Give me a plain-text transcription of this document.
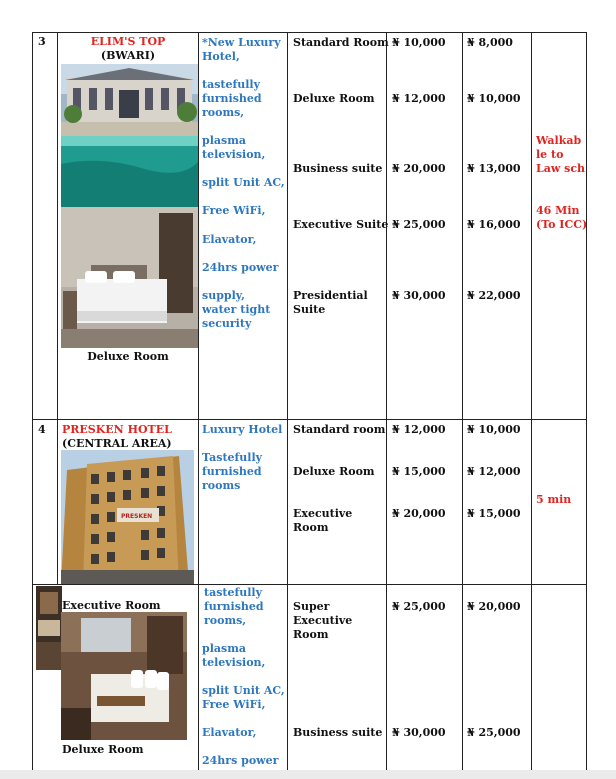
3	ELIM'S TOP
(BWARI)
Deluxe Room
*New Luxury
Hotel,
tastefully
furnished
rooms,
plasma
television,
split Unit AC,
Free WiFi,
Elavator,
24hrs power
supply,
water tight
security
Standard Room
Deluxe Room
Business suite
Executive Suite
Presidential
Suite
₦ 10,000
₦ 12,000
₦ 20,000
₦ 25,000
₦ 30,000
₦ 8,000
₦ 10,000
₦ 13,000
₦ 16,000
₦ 22,000
Walkab
le to
Law sch
46 Min
(To ICC)
4 PRESKEN HOTEL
(CENTRAL AREA)
PRESKEN
Luxury Hotel
Tastefully
furnished
rooms
Standard room
Deluxe Room
Executive
Room
₦ 12,000
₦ 15,000
₦ 20,000
₦ 10,000
₦ 12,000
₦ 15,000
5 min
Executive Room
Deluxe Room
tastefully
furnished
rooms,
plasma
television,
split Unit AC,
Free WiFi,
Elavator,
24hrs power
Super
Executive
Room
Business suite
₦ 25,000
₦ 30,000
₦ 20,000
₦ 25,000
